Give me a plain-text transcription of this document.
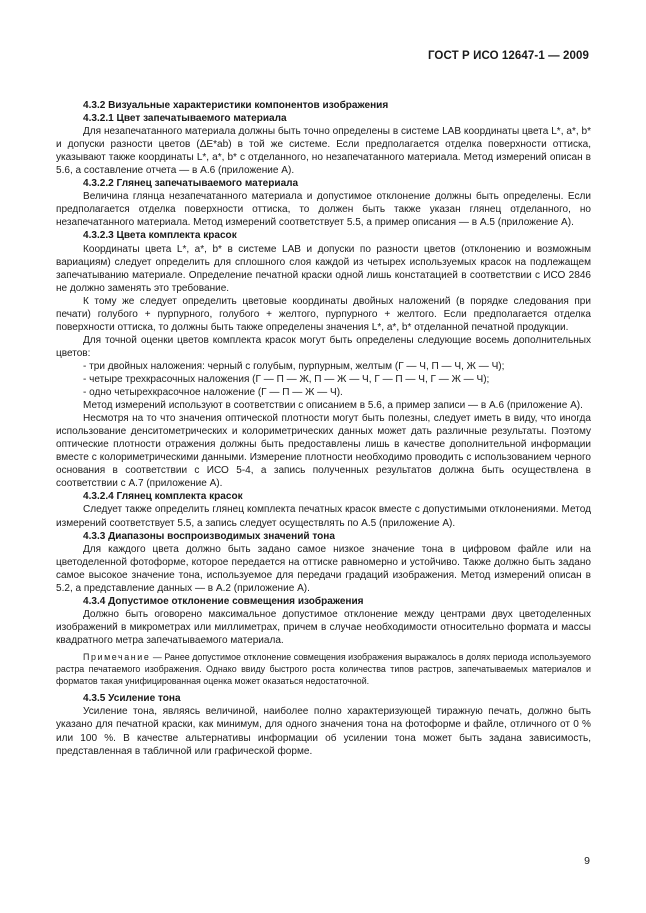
ГОСТ Р ИСО 12647-1 — 2009

4.3.2 Визуальные характеристики компонентов изображения

4.3.2.1 Цвет запечатываемого материала

Для незапечатанного материала должны быть точно определены в системе LAB координаты цвета L*, a*, b* и допуски разности цветов (ΔE*ab) в той же системе. Если предполагается отделка поверхности оттиска, указывают также координаты L*, a*, b* с отделанного, но незапечатанного материала. Метод измерений описан в 5.6, а составление отчета — в А.6 (приложение А).

4.3.2.2 Глянец запечатываемого материала

Величина глянца незапечатанного материала и допустимое отклонение должны быть определены. Если предполагается отделка поверхности оттиска, то должен быть также указан глянец отделанного, но незапечатанного материала. Метод измерений соответствует 5.5, а пример описания — в А.5 (приложение А).

4.3.2.3 Цвета комплекта красок

Координаты цвета L*, a*, b* в системе LAB и допуски по разности цветов (отклонению и возможным вариациям) следует определить для сплошного слоя каждой из четырех используемых красок на подлежащем запечатыванию материале. Определение печатной краски одной лишь констатацией в соответствии с ИСО 2846 не должно заменять это требование.

К тому же следует определить цветовые координаты двойных наложений (в порядке следования при печати) голубого + пурпурного, голубого + желтого, пурпурного + желтого. Если предполагается отделка поверхности оттиска, то должны быть также определены значения L*, a*, b* отделанной печатной продукции.

Для точной оценки цветов комплекта красок могут быть определены следующие восемь дополнительных цветов:

- три двойных наложения: черный с голубым, пурпурным, желтым (Г — Ч, П — Ч, Ж — Ч);

- четыре трехкрасочных наложения (Г — П — Ж, П — Ж — Ч, Г — П — Ч, Г — Ж — Ч);

- одно четырехкрасочное наложение (Г — П — Ж — Ч).

Метод измерений используют в соответствии с описанием в 5.6, а пример записи — в А.6 (приложение А).

Несмотря на то что значения оптической плотности могут быть полезны, следует иметь в виду, что иногда использование денситометрических и колориметрических данных может дать различные результаты. Поэтому оптические плотности отражения должны быть предоставлены лишь в качестве дополнительной информации вместе с колориметрическими данными. Измерение плотности необходимо проводить с использованием черного основания в соответствии с ИСО 5-4, а запись полученных результатов должна быть осуществлена в соответствии с А.7 (приложение А).

4.3.2.4 Глянец комплекта красок

Следует также определить глянец комплекта печатных красок вместе с допустимыми отклонениями. Метод измерений соответствует 5.5, а запись следует осуществлять по А.5 (приложение А).

4.3.3 Диапазоны воспроизводимых значений тона

Для каждого цвета должно быть задано самое низкое значение тона в цифровом файле или на цветоделенной фотоформе, которое передается на оттиске равномерно и устойчиво. Также должно быть задано самое высокое значение тона, используемое для передачи градаций изображения. Метод измерений описан в 5.2, а представление данных — в А.2 (приложение А).

4.3.4 Допустимое отклонение совмещения изображения

Должно быть оговорено максимальное допустимое отклонение между центрами двух цветоделенных изображений в микрометрах или миллиметрах, причем в случае необходимости относительно формата и массы квадратного метра запечатываемого материала.

Примечание — Ранее допустимое отклонение совмещения изображения выражалось в долях периода используемого растра печатаемого изображения. Однако ввиду быстрого роста количества типов растров, запечатываемых материалов и форматов такая унифицированная оценка может оказаться недостаточной.

4.3.5 Усиление тона

Усиление тона, являясь величиной, наиболее полно характеризующей тиражную печать, должно быть указано для печатной краски, как минимум, для одного значения тона на фотоформе и файле, отличного от 0 % или 100 %. В качестве альтернативы информации об усилении тона может быть задана зависимость, представленная в табличной или графической форме.

9
